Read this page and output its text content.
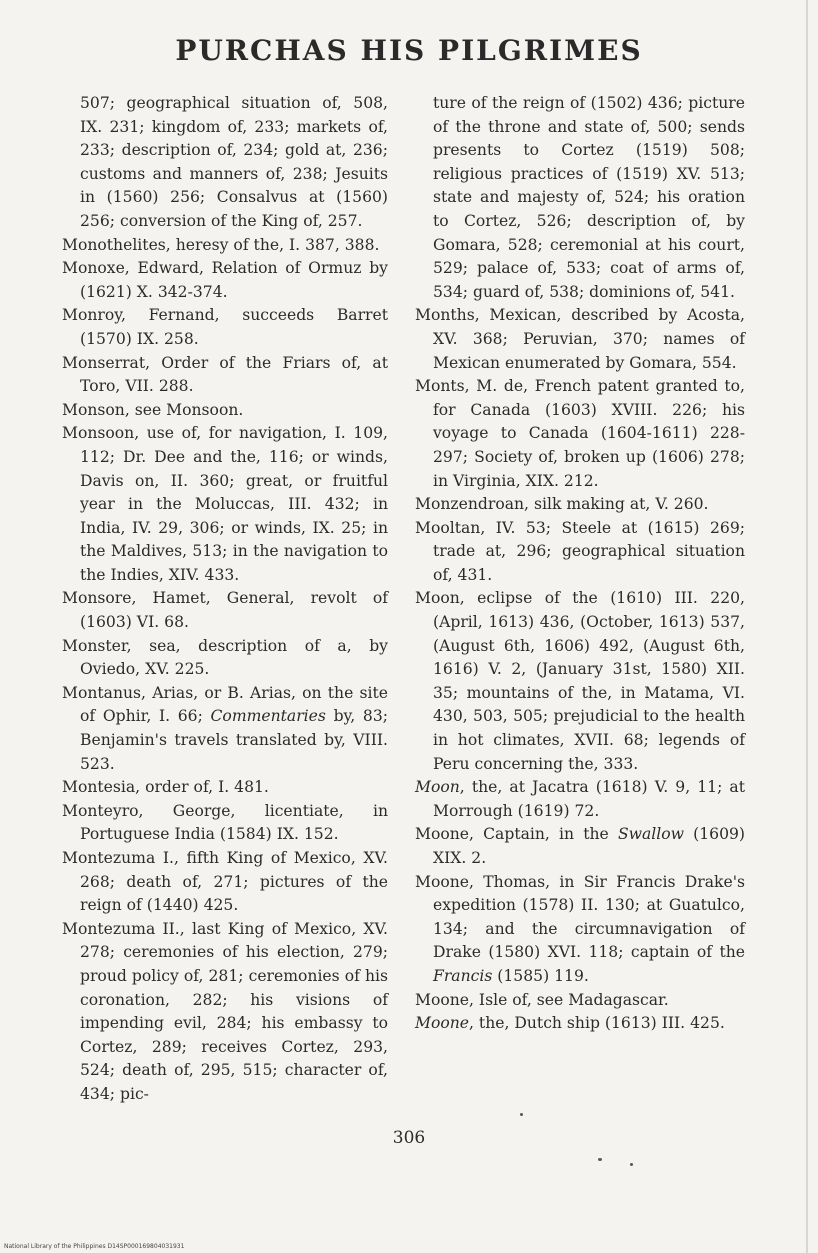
PURCHAS HIS PILGRIMES

507; geographical situation of, 508, IX. 231; kingdom of, 233; markets of, 233; description of, 234; gold at, 236; customs and manners of, 238; Jesuits in (1560) 256; Consalvus at (1560) 256; conversion of the King of, 257.

Monothelites, heresy of the, I. 387, 388.

Monoxe, Edward, Relation of Ormuz by (1621) X. 342-374.

Monroy, Fernand, succeeds Barret (1570) IX. 258.

Monserrat, Order of the Friars of, at Toro, VII. 288.

Monson, see Monsoon.

Monsoon, use of, for navigation, I. 109, 112; Dr. Dee and the, 116; or winds, Davis on, II. 360; great, or fruitful year in the Moluccas, III. 432; in India, IV. 29, 306; or winds, IX. 25; in the Maldives, 513; in the navigation to the Indies, XIV. 433.

Monsore, Hamet, General, revolt of (1603) VI. 68.

Monster, sea, description of a, by Oviedo, XV. 225.

Montanus, Arias, or B. Arias, on the site of Ophir, I. 66; Commentaries by, 83; Benjamin's travels translated by, VIII. 523.

Montesia, order of, I. 481.

Monteyro, George, licentiate, in Portuguese India (1584) IX. 152.

Montezuma I., fifth King of Mexico, XV. 268; death of, 271; pictures of the reign of (1440) 425.

Montezuma II., last King of Mexico, XV. 278; ceremonies of his election, 279; proud policy of, 281; ceremonies of his coronation, 282; his visions of impending evil, 284; his embassy to Cortez, 289; receives Cortez, 293, 524; death of, 295, 515; character of, 434; pic-

ture of the reign of (1502) 436; picture of the throne and state of, 500; sends presents to Cortez (1519) 508; religious practices of (1519) XV. 513; state and majesty of, 524; his oration to Cortez, 526; description of, by Gomara, 528; ceremonial at his court, 529; palace of, 533; coat of arms of, 534; guard of, 538; dominions of, 541.

Months, Mexican, described by Acosta, XV. 368; Peruvian, 370; names of Mexican enumerated by Gomara, 554.

Monts, M. de, French patent granted to, for Canada (1603) XVIII. 226; his voyage to Canada (1604-1611) 228-297; Society of, broken up (1606) 278; in Virginia, XIX. 212.

Monzendroan, silk making at, V. 260.

Mooltan, IV. 53; Steele at (1615) 269; trade at, 296; geographical situation of, 431.

Moon, eclipse of the (1610) III. 220, (April, 1613) 436, (October, 1613) 537, (August 6th, 1606) 492, (August 6th, 1616) V. 2, (January 31st, 1580) XII. 35; mountains of the, in Matama, VI. 430, 503, 505; prejudicial to the health in hot climates, XVII. 68; legends of Peru concerning the, 333.

Moon, the, at Jacatra (1618) V. 9, 11; at Morrough (1619) 72.

Moone, Captain, in the Swallow (1609) XIX. 2.

Moone, Thomas, in Sir Francis Drake's expedition (1578) II. 130; at Guatulco, 134; and the circumnavigation of Drake (1580) XVI. 118; captain of the Francis (1585) 119.

Moone, Isle of, see Madagascar.

Moone, the, Dutch ship (1613) III. 425.

306
National Library of the Philippines D14SP000169804031931
